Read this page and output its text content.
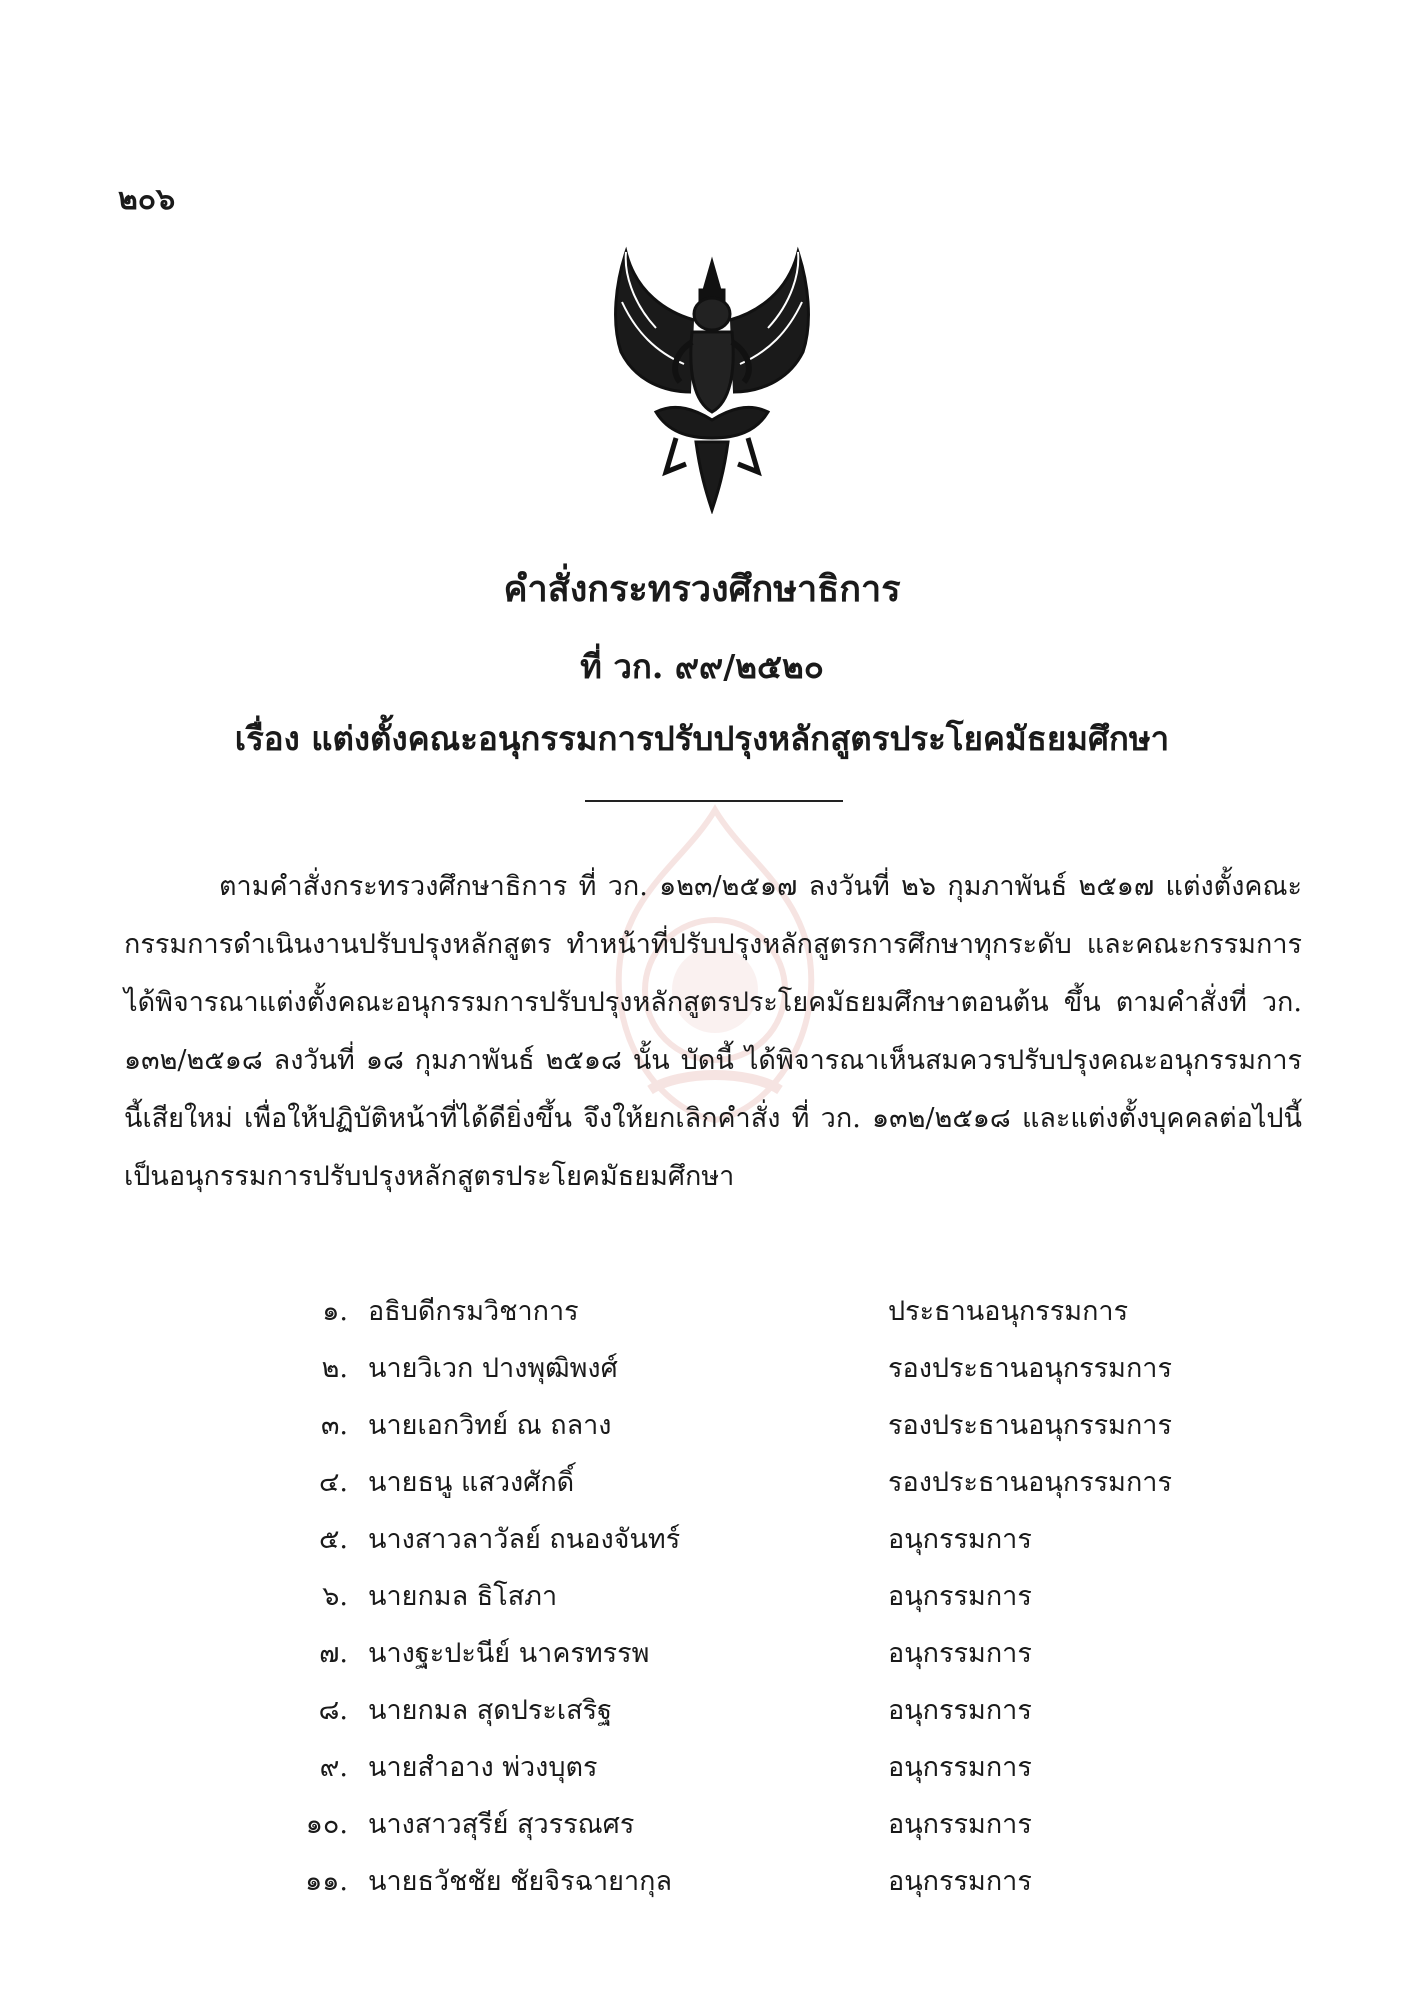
๒๐๖
คำสั่งกระทรวงศึกษาธิการ
ที่ วก. ๙๙/๒๕๒๐
เรื่อง แต่งตั้งคณะอนุกรรมการปรับปรุงหลักสูตรประโยคมัธยมศึกษา
ตามคำสั่งกระทรวงศึกษาธิการ ที่ วก. ๑๒๓/๒๕๑๗ ลงวันที่ ๒๖ กุมภาพันธ์ ๒๕๑๗ แต่งตั้งคณะกรรมการดำเนินงานปรับปรุงหลักสูตร ทำหน้าที่ปรับปรุงหลักสูตรการศึกษาทุกระดับ และคณะกรรมการได้พิจารณาแต่งตั้งคณะอนุกรรมการปรับปรุงหลักสูตรประโยคมัธยมศึกษาตอนต้น ขึ้น ตามคำสั่งที่ วก. ๑๓๒/๒๕๑๘ ลงวันที่ ๑๘ กุมภาพันธ์ ๒๕๑๘ นั้น บัดนี้ ได้พิจารณาเห็นสมควรปรับปรุงคณะอนุกรรมการนี้เสียใหม่ เพื่อให้ปฏิบัติหน้าที่ได้ดียิ่งขึ้น จึงให้ยกเลิกคำสั่ง ที่ วก. ๑๓๒/๒๕๑๘ และแต่งตั้งบุคคลต่อไปนี้เป็นอนุกรรมการปรับปรุงหลักสูตรประโยคมัธยมศึกษา
๑. อธิบดีกรมวิชาการ	ประธานอนุกรรมการ
๒. นายวิเวก ปางพุฒิพงศ์	รองประธานอนุกรรมการ
๓. นายเอกวิทย์ ณ ถลาง	รองประธานอนุกรรมการ
๔. นายธนู แสวงศักดิ์	รองประธานอนุกรรมการ
๕. นางสาวลาวัลย์ ถนองจันทร์	อนุกรรมการ
๖. นายกมล ธิโสภา	อนุกรรมการ
๗. นางฐะปะนีย์ นาครทรรพ	อนุกรรมการ
๘. นายกมล สุดประเสริฐ	อนุกรรมการ
๙. นายสำอาง พ่วงบุตร	อนุกรรมการ
๑๐. นางสาวสุรีย์ สุวรรณศร	อนุกรรมการ
๑๑. นายธวัชชัย ชัยจิรฉายากุล	อนุกรรมการ
